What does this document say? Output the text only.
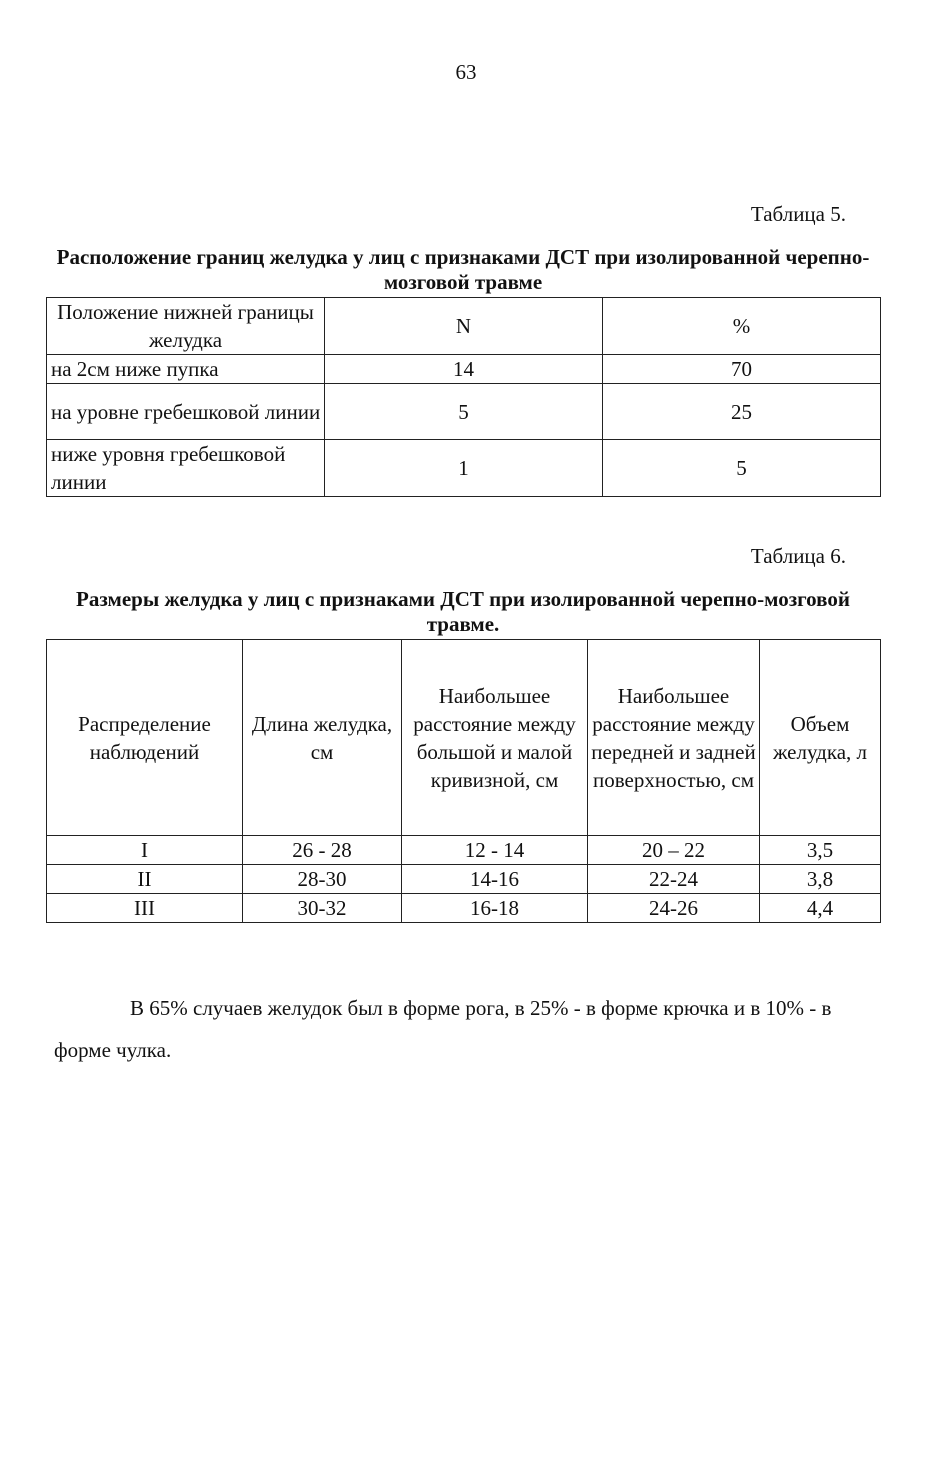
63
Таблица 5.
Расположение границ желудка у лиц с признаками ДСТ при изолированной черепно-мозговой травме
Положение нижней границы желудка	N	%
на 2см ниже пупка	14	70
на уровне гребешковой линии	5	25
ниже уровня гребешковой линии	1	5
Таблица 6.
Размеры желудка у лиц с признаками ДСТ при изолированной черепно-мозговой травме.
Распределение наблюдений	Длина желудка, см	Наибольшее расстояние между большой и малой кривизной, см	Наибольшее расстояние между передней и задней поверхностью, см	Объем желудка, л
I	26 - 28	12 - 14	20 – 22	3,5
II	28-30	14-16	22-24	3,8
III	30-32	16-18	24-26	4,4

В 65% случаев желудок был в форме рога, в 25% - в форме крючка и в 10% - в форме чулка.
